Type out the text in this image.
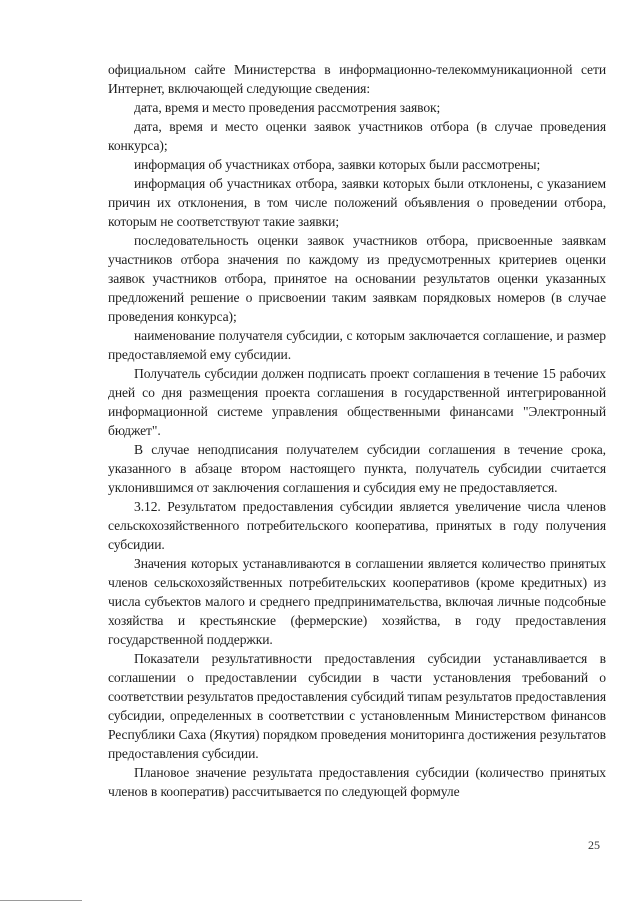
официальном сайте Министерства в информационно-телекоммуникационной сети Интернет, включающей следующие сведения:

дата, время и место проведения рассмотрения заявок;

дата, время и место оценки заявок участников отбора (в случае проведения конкурса);

информация об участниках отбора, заявки которых были рассмотрены;

информация об участниках отбора, заявки которых были отклонены, с указанием причин их отклонения, в том числе положений объявления о проведении отбора, которым не соответствуют такие заявки;

последовательность оценки заявок участников отбора, присвоенные заявкам участников отбора значения по каждому из предусмотренных критериев оценки заявок участников отбора, принятое на основании результатов оценки указанных предложений решение о присвоении таким заявкам порядковых номеров (в случае проведения конкурса);

наименование получателя субсидии, с которым заключается соглашение, и размер предоставляемой ему субсидии.

Получатель субсидии должен подписать проект соглашения в течение 15 рабочих дней со дня размещения проекта соглашения в государственной интегрированной информационной системе управления общественными финансами "Электронный бюджет".

В случае неподписания получателем субсидии соглашения в течение срока, указанного в абзаце втором настоящего пункта, получатель субсидии считается уклонившимся от заключения соглашения и субсидия ему не предоставляется.

3.12. Результатом предоставления субсидии является увеличение числа членов сельскохозяйственного потребительского кооператива, принятых в году получения субсидии.

Значения которых устанавливаются в соглашении является количество принятых членов сельскохозяйственных потребительских кооперативов (кроме кредитных) из числа субъектов малого и среднего предпринимательства, включая личные подсобные хозяйства и крестьянские (фермерские) хозяйства, в году предоставления государственной поддержки.

Показатели результативности предоставления субсидии устанавливается в соглашении о предоставлении субсидии в части установления требований о соответствии результатов предоставления субсидий типам результатов предоставления субсидии, определенных в соответствии с установленным Министерством финансов Республики Саха (Якутия) порядком проведения мониторинга достижения результатов предоставления субсидии.

Плановое значение результата предоставления субсидии (количество принятых членов в кооператив) рассчитывается по следующей формуле

25
